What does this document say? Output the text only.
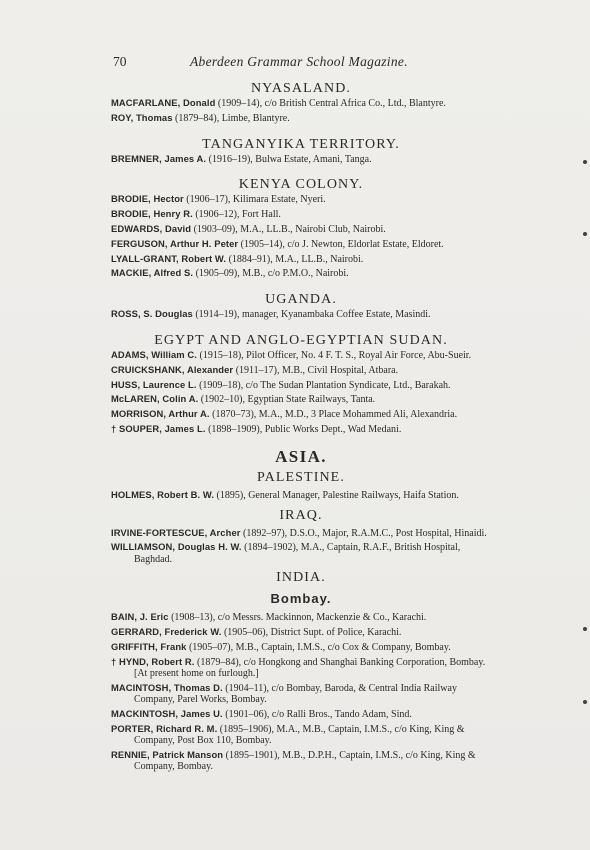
70	Aberdeen Grammar School Magazine.
NYASALAND.

MACFARLANE, Donald (1909–14), c/o British Central Africa Co., Ltd., Blantyre.

ROY, Thomas (1879–84), Limbe, Blantyre.

TANGANYIKA TERRITORY.

BREMNER, James A. (1916–19), Bulwa Estate, Amani, Tanga.

KENYA COLONY.

BRODIE, Hector (1906–17), Kilimara Estate, Nyeri.

BRODIE, Henry R. (1906–12), Fort Hall.

EDWARDS, David (1903–09), M.A., LL.B., Nairobi Club, Nairobi.

FERGUSON, Arthur H. Peter (1905–14), c/o J. Newton, Eldorlat Estate, Eldoret.

LYALL-GRANT, Robert W. (1884–91), M.A., LL.B., Nairobi.

MACKIE, Alfred S. (1905–09), M.B., c/o P.M.O., Nairobi.

UGANDA.

ROSS, S. Douglas (1914–19), manager, Kyanambaka Coffee Estate, Masindi.

EGYPT AND ANGLO-EGYPTIAN SUDAN.

ADAMS, William C. (1915–18), Pilot Officer, No. 4 F. T. S., Royal Air Force, Abu-Sueir.

CRUICKSHANK, Alexander (1911–17), M.B., Civil Hospital, Atbara.

HUSS, Laurence L. (1909–18), c/o The Sudan Plantation Syndicate, Ltd., Barakah.

McLAREN, Colin A. (1902–10), Egyptian State Railways, Tanta.

MORRISON, Arthur A. (1870–73), M.A., M.D., 3 Place Mohammed Ali, Alexandria.

† SOUPER, James L. (1898–1909), Public Works Dept., Wad Medani.

ASIA.
PALESTINE.

HOLMES, Robert B. W. (1895), General Manager, Palestine Railways, Haifa Station.

IRAQ.

IRVINE-FORTESCUE, Archer (1892–97), D.S.O., Major, R.A.M.C., Post Hospital, Hinaidi.

WILLIAMSON, Douglas H. W. (1894–1902), M.A., Captain, R.A.F., British Hospital, Baghdad.

INDIA.
Bombay.

BAIN, J. Eric (1908–13), c/o Messrs. Mackinnon, Mackenzie & Co., Karachi.

GERRARD, Frederick W. (1905–06), District Supt. of Police, Karachi.

GRIFFITH, Frank (1905–07), M.B., Captain, I.M.S., c/o Cox & Company, Bombay.

† HYND, Robert R. (1879–84), c/o Hongkong and Shanghai Banking Corporation, Bombay. [At present home on furlough.]

MACINTOSH, Thomas D. (1904–11), c/o Bombay, Baroda, & Central India Railway Company, Parel Works, Bombay.

MACKINTOSH, James U. (1901–06), c/o Ralli Bros., Tando Adam, Sind.

PORTER, Richard R. M. (1895–1906), M.A., M.B., Captain, I.M.S., c/o King, King & Company, Post Box 110, Bombay.

RENNIE, Patrick Manson (1895–1901), M.B., D.P.H., Captain, I.M.S., c/o King, King & Company, Bombay.
